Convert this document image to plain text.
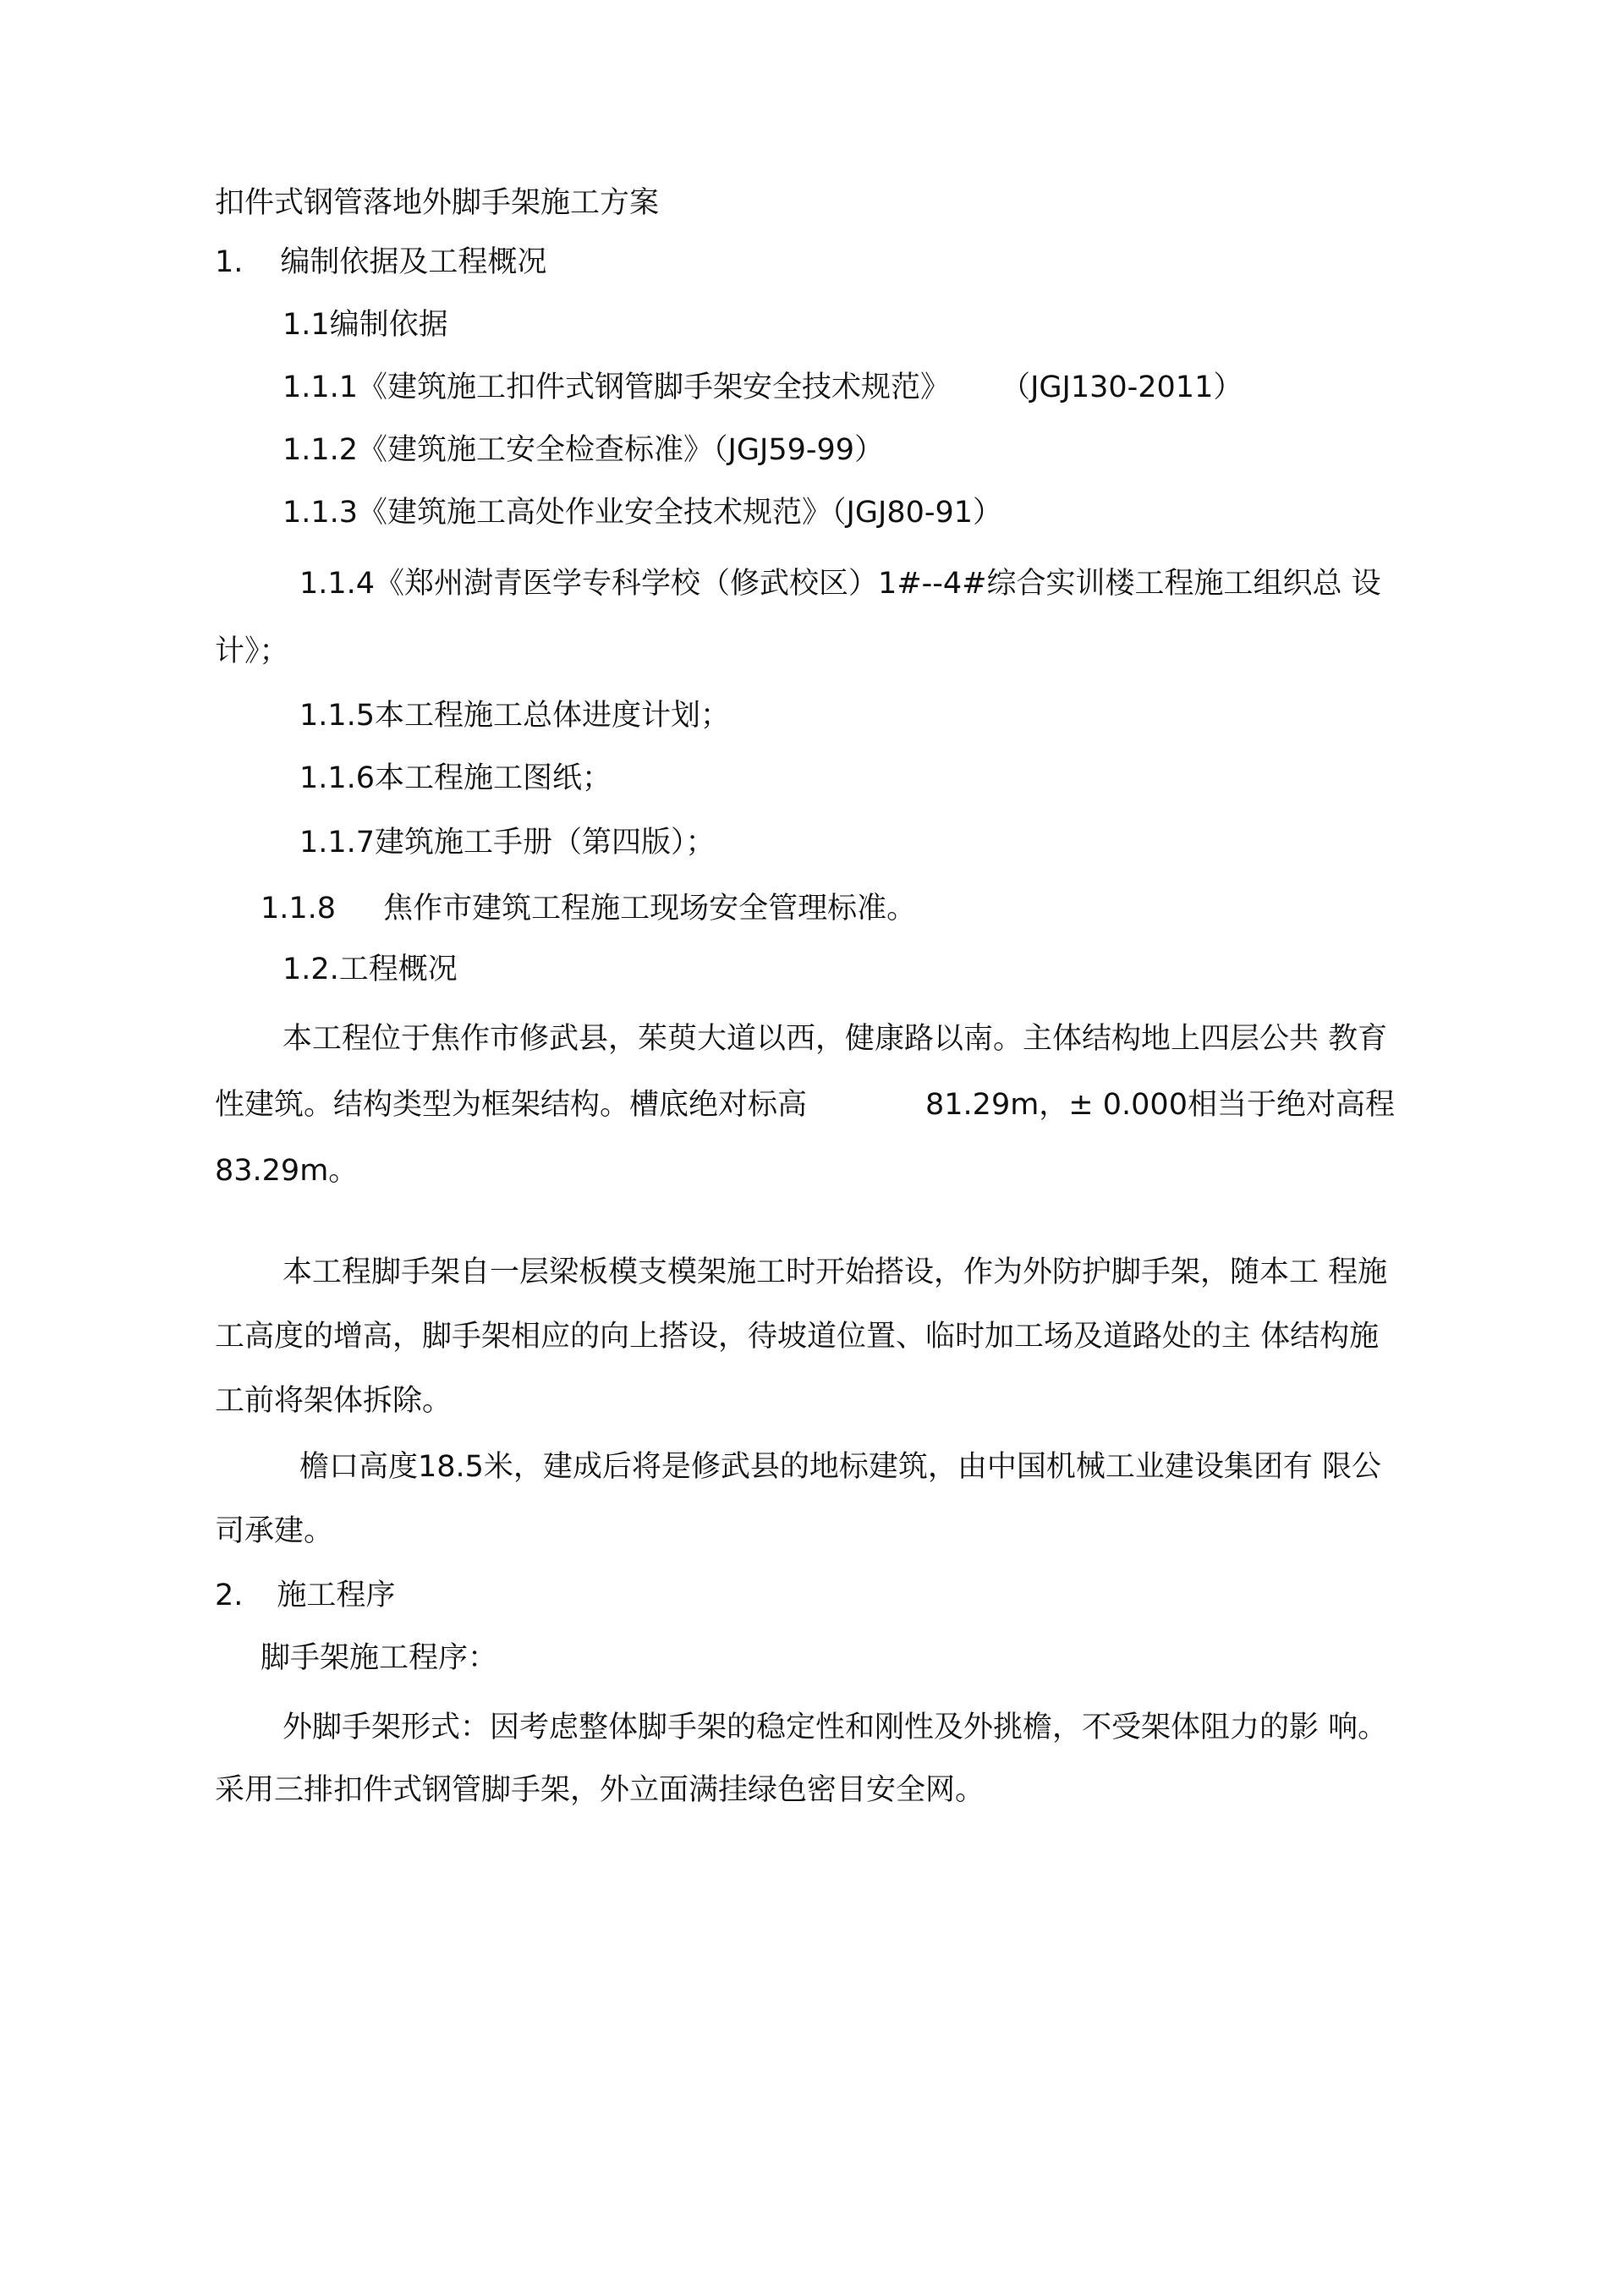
扣件式钢管落地外脚手架施工方案
1. 编制依据及工程概况
1.1编制依据
1.1.1《建筑施工扣件式钢管脚手架安全技术规范》 （JGJ130-2011）
1.1.2《建筑施工安全检查标准》（JGJ59-99）
1.1.3《建筑施工高处作业安全技术规范》（JGJ80-91）
1.1.4《郑州澍青医学专科学校（修武校区）1#--4#综合实训楼工程施工组织总 设
计》；
1.1.5本工程施工总体进度计划；
1.1.6本工程施工图纸；
1.1.7建筑施工手册（第四版）；
1.1.8 焦作市建筑工程施工现场安全管理标准。
1.2.工程概况
本工程位于焦作市修武县，茱萸大道以西，健康路以南。主体结构地上四层公共 教育
性建筑。结构类型为框架结构。槽底绝对标高	81.29m，± 0.000相当于绝对高程
83.29m。
本工程脚手架自一层梁板模支模架施工时开始搭设，作为外防护脚手架，随本工 程施
工高度的增高，脚手架相应的向上搭设，待坡道位置、临时加工场及道路处的主 体结构施
工前将架体拆除。
檐口高度18.5米，建成后将是修武县的地标建筑，由中国机械工业建设集团有 限公
司承建。
2. 施工程序
脚手架施工程序：
外脚手架形式：因考虑整体脚手架的稳定性和刚性及外挑檐，不受架体阻力的影 响。
采用三排扣件式钢管脚手架，外立面满挂绿色密目安全网。
